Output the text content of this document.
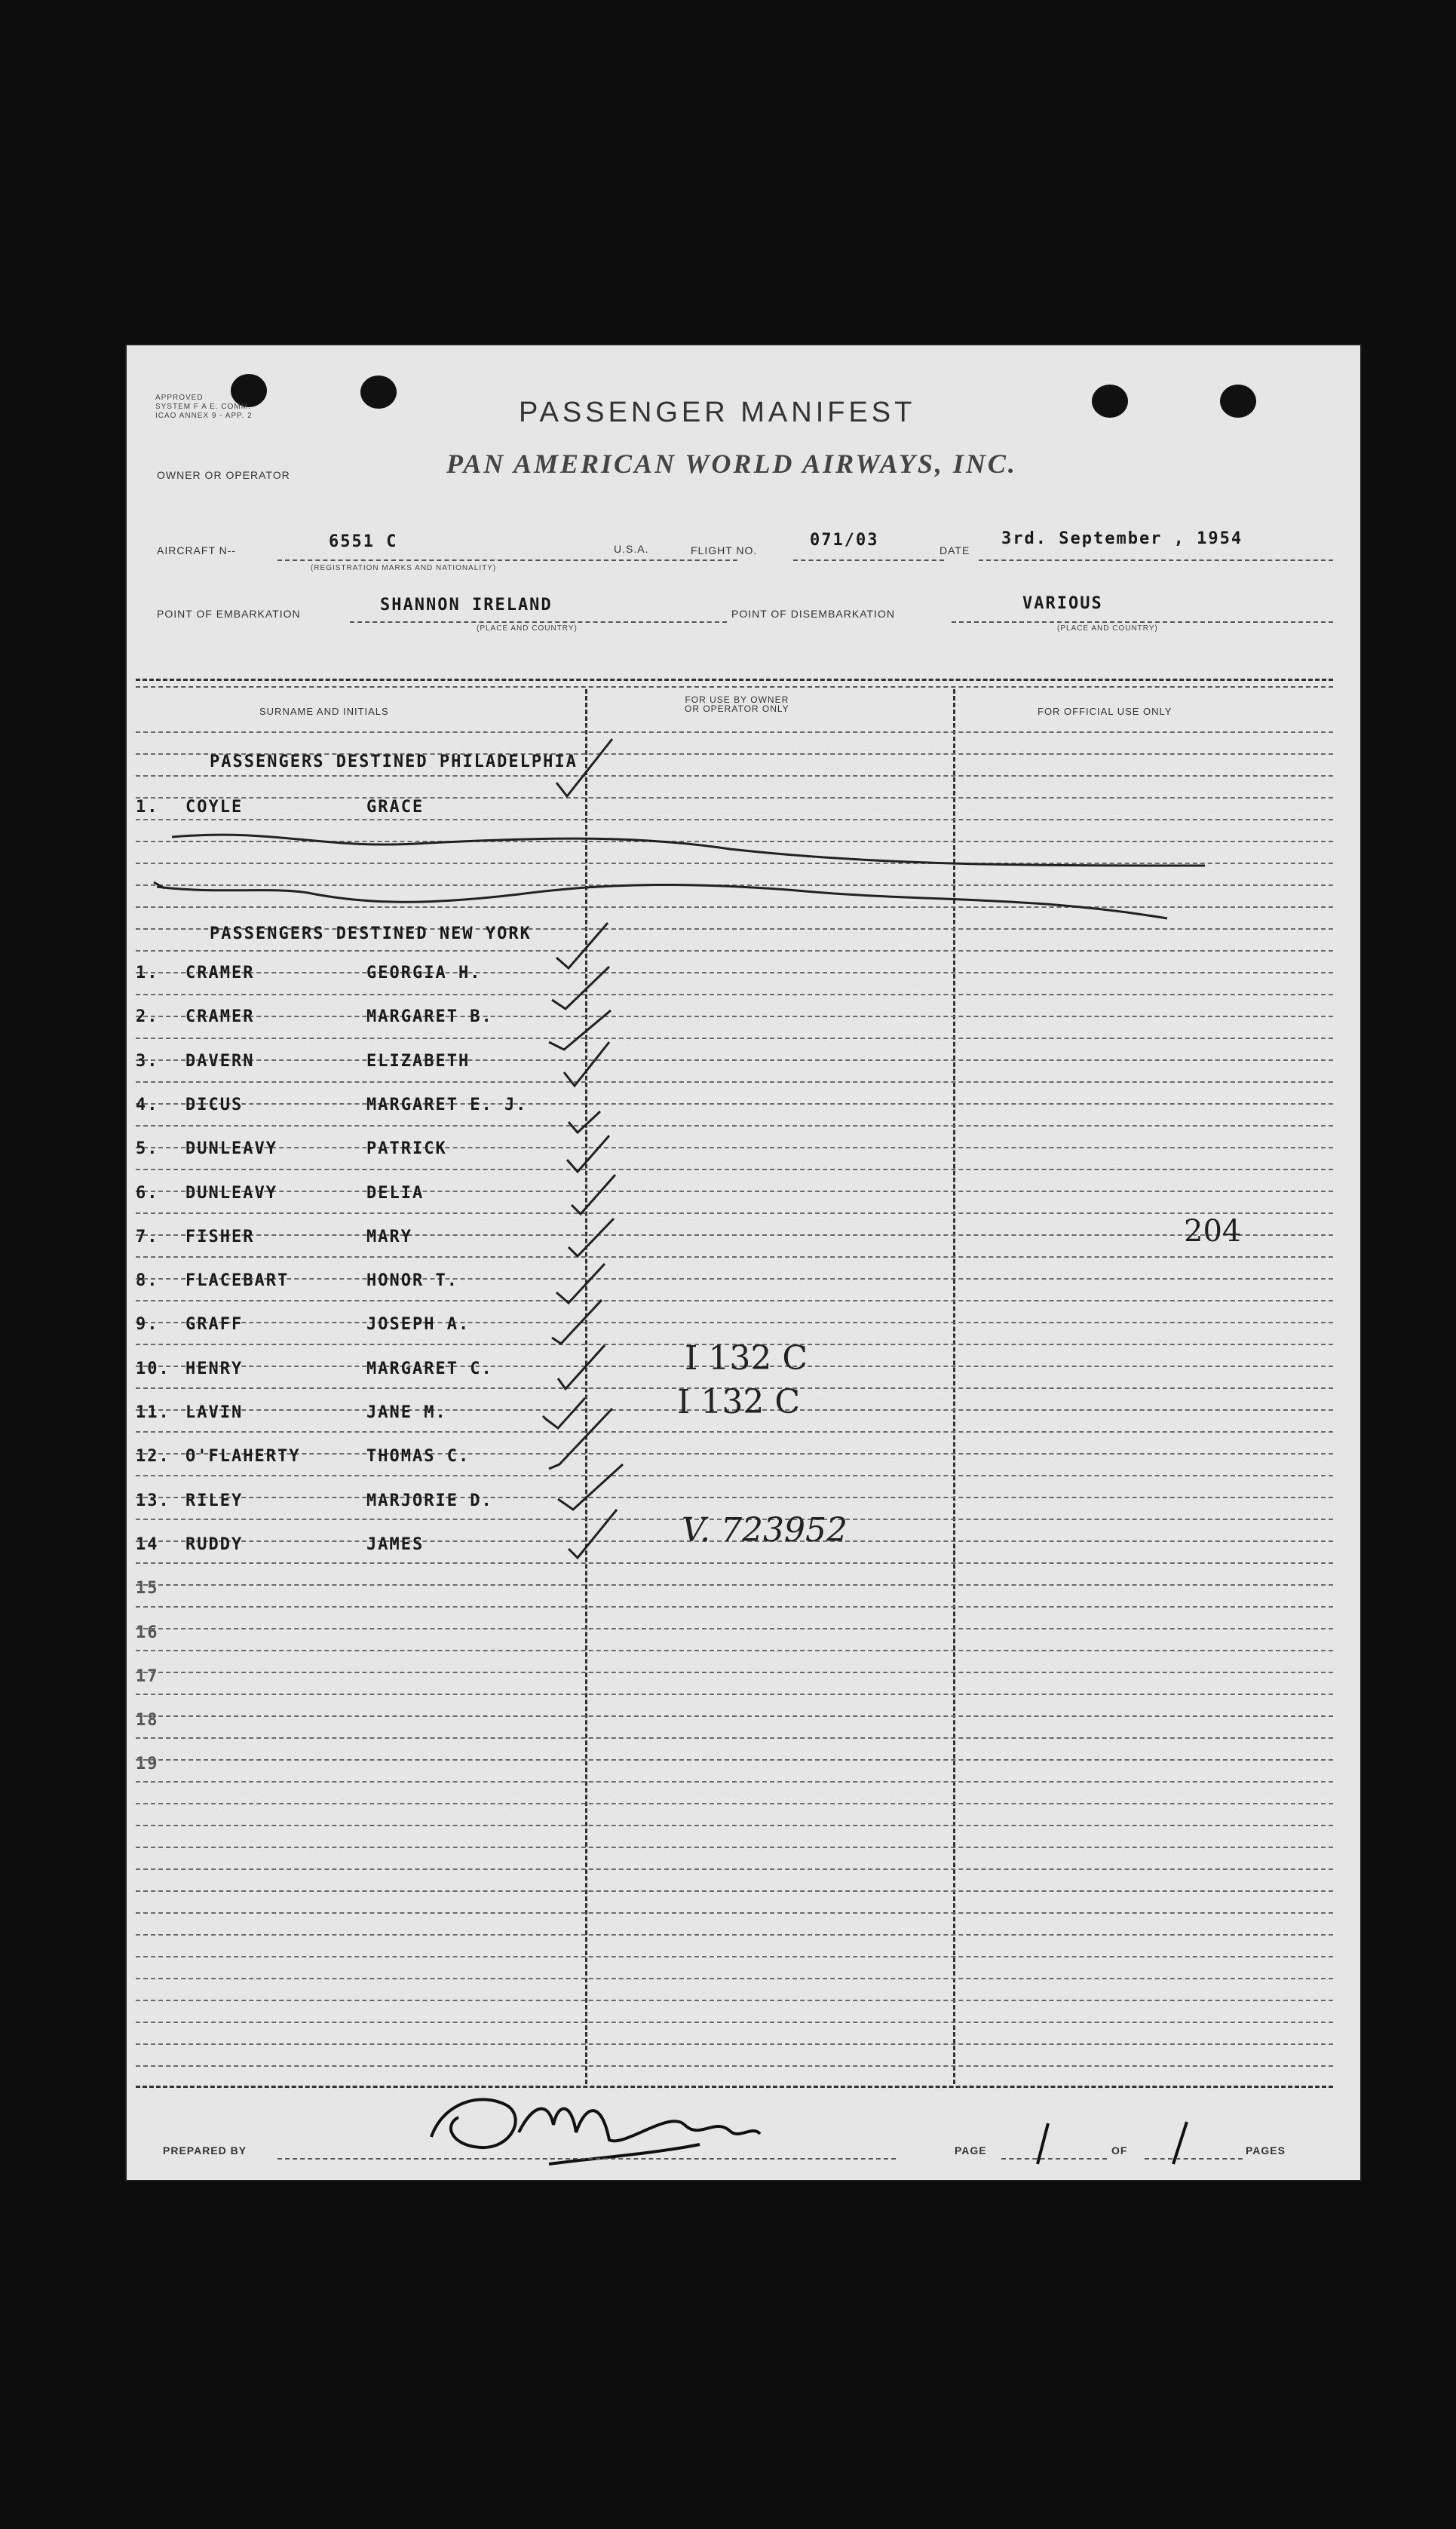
APPROVED
SYSTEM F A E. COMM.
ICAO ANNEX 9 - APP. 2	PASSENGER MANIFEST
OWNER OR OPERATOR	PAN AMERICAN WORLD AIRWAYS, INC.
AIRCRAFT N--	6551 C
(REGISTRATION MARKS AND NATIONALITY)
U.S.A.	FLIGHT NO.
071/03
DATE
3rd. September , 1954
POINT OF EMBARKATION	SHANNON IRELAND
(PLACE AND COUNTRY)
POINT OF DISEMBARKATION
VARIOUS
(PLACE AND COUNTRY)
SURNAME AND INITIALS
FOR USE BY OWNER
OR OPERATOR ONLY	FOR OFFICIAL USE ONLY
PASSENGERS DESTINED PHILADELPHIA
1. COYLE	GRACE
PASSENGERS DESTINED NEW YORK
1. CRAMER	GEORGIA H.
2. CRAMER	MARGARET B.
3. DAVERN	ELIZABETH
4. DICUS	MARGARET E. J.
5. DUNLEAVY	PATRICK
6. DUNLEAVY	DELIA
7. FISHER	MARY
8. FLACEBART	HONOR T.
9. GRAFF	JOSEPH A.
10. HENRY	MARGARET C.
11. LAVIN	JANE M.
12. O'FLAHERTY	THOMAS C.
13. RILEY	MARJORIE D.
14 RUDDY	JAMES
15
16
17
18
19
204
I 132 C
I 132 C
V. 723952
PREPARED BY	PAGE	OF	PAGES
